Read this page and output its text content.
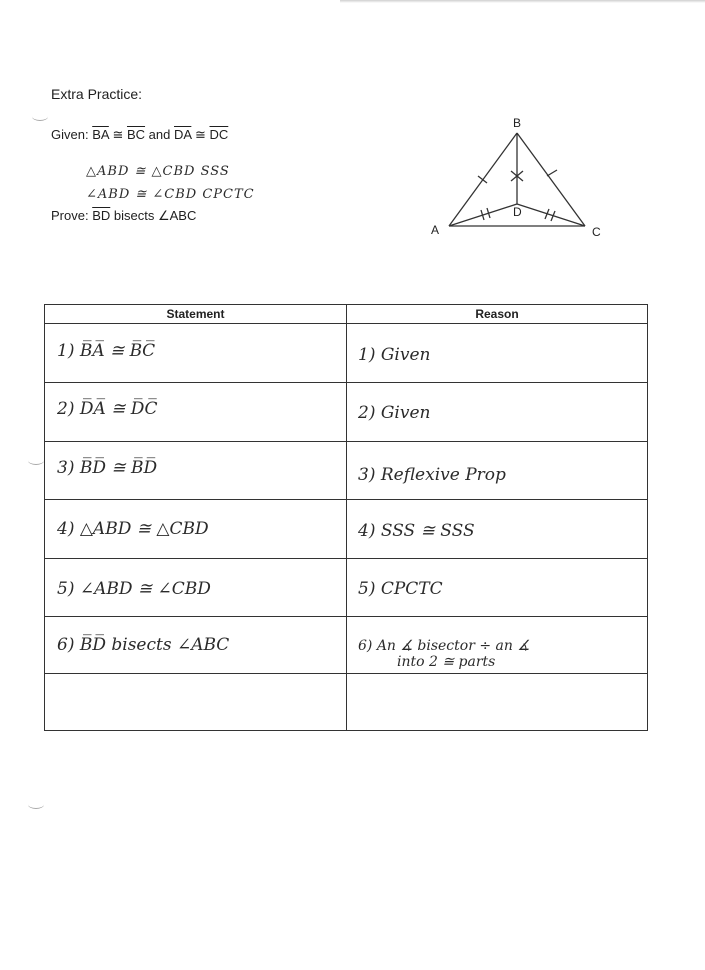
Extra Practice:
Given: $\overline{BA}$ ≅ $\overline{BC}$ and $\overline{DA}$ ≅ $\overline{DC}$
△ABD ≅ △CBD SSS
∠ABD ≅ ∠CBD CPCTC
Prove: $\overline{BD}$ bisects ∠ABC
B
A	C
D
Statement	Reason
1) B̅A̅ ≅ B̅C̅	1) Given
2) D̅A̅ ≅ D̅C̅	2) Given
3) B̅D̅ ≅ B̅D̅	3) Reflexive Prop
4) △ABD ≅ △CBD	4) SSS ≅ SSS
5) ∠ABD ≅ ∠CBD	5) CPCTC
6) B̅D̅ bisects ∠ABC	6) An ∡ bisector ÷ an ∡
into 2 ≅ parts
